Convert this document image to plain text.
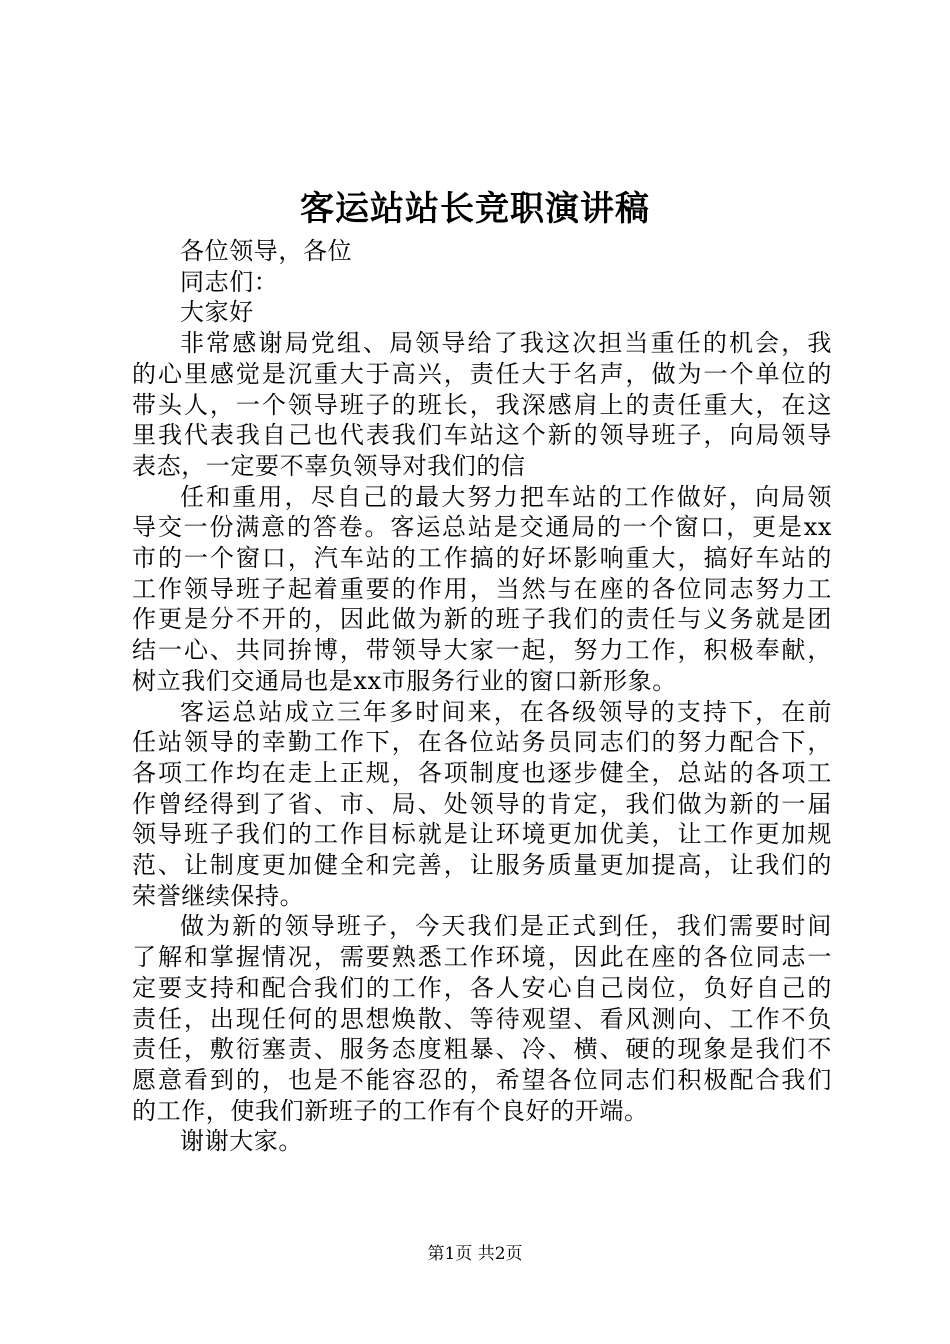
客运站站长竞职演讲稿
各位领导，各位
同志们：
大家好
非常感谢局党组、局领导给了我这次担当重任的机会，我
的心里感觉是沉重大于高兴，责任大于名声，做为一个单位的
带头人，一个领导班子的班长，我深感肩上的责任重大，在这
里我代表我自己也代表我们车站这个新的领导班子，向局领导
表态，一定要不辜负领导对我们的信
任和重用，尽自己的最大努力把车站的工作做好，向局领
导交一份满意的答卷。客运总站是交通局的一个窗口，更是xx
市的一个窗口，汽车站的工作搞的好坏影响重大，搞好车站的
工作领导班子起着重要的作用，当然与在座的各位同志努力工
作更是分不开的，因此做为新的班子我们的责任与义务就是团
结一心、共同拚博，带领导大家一起，努力工作，积极奉献，
树立我们交通局也是xx市服务行业的窗口新形象。
客运总站成立三年多时间来，在各级领导的支持下，在前
任站领导的幸勤工作下，在各位站务员同志们的努力配合下，
各项工作均在走上正规，各项制度也逐步健全，总站的各项工
作曾经得到了省、市、局、处领导的肯定，我们做为新的一届
领导班子我们的工作目标就是让环境更加优美，让工作更加规
范、让制度更加健全和完善，让服务质量更加提高，让我们的
荣誉继续保持。
做为新的领导班子，今天我们是正式到任，我们需要时间
了解和掌握情况，需要熟悉工作环境，因此在座的各位同志一
定要支持和配合我们的工作，各人安心自己岗位，负好自己的
责任，出现任何的思想焕散、等待观望、看风测向、工作不负
责任，敷衍塞责、服务态度粗暴、冷、横、硬的现象是我们不
愿意看到的，也是不能容忍的，希望各位同志们积极配合我们
的工作，使我们新班子的工作有个良好的开端。
谢谢大家。
第1页 共2页
